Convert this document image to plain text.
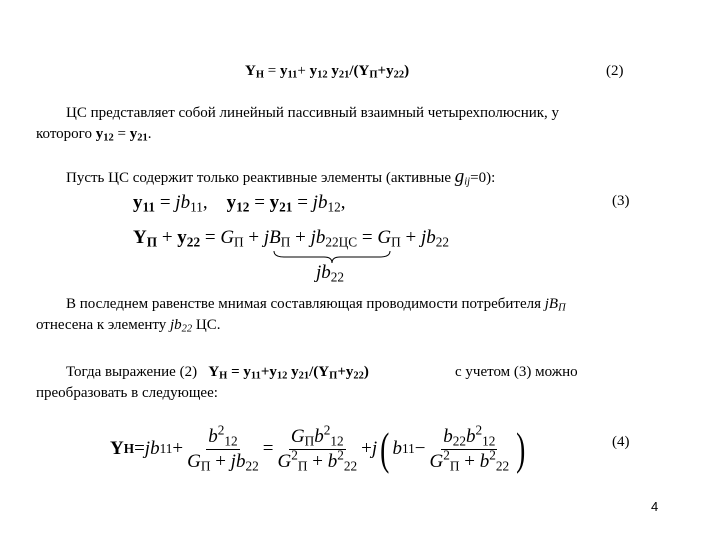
$Y_Н = y_{11}+ y_{12}$ $y_{21}/(Y_П+y_{22})$	(2)
ЦС представляет собой линейный пассивный взаимный четырехполюсник, у
которого $y_{12} = y_{21}$.
Пусть ЦС содержит только реактивные элементы (активные $g_{ij}=0$):
$y_{11} = jb_{11}$, $y_{12} = y_{21} = jb_{12}$,	(3)
$Y_П + y_{22} = G_П + jB_П + jb_{22ЦС} = G_П + jb_{22}$
$jb_{22}$
В последнем равенстве мнимая составляющая проводимости потребителя $jB_П$
отнесена к элементу $jb_{22}$ ЦС.
Тогда выражение (2) $Y_Н = y_{11}+y_{12}$ $y_{21}/(Y_П+y_{22})$	с учетом (3) можно
преобразовать в следующее:
Y Н = jb $11 + \frac{b^2_{12}}{G_П + jb_{22}} = \frac{G_Пb^2_{12}}{G^2_П + b^2_{22}} + j$ ( b $11 - \frac{b_{22}b^2_{12}}{G^2_П + b^2_{22}}$ )	(4)
4
